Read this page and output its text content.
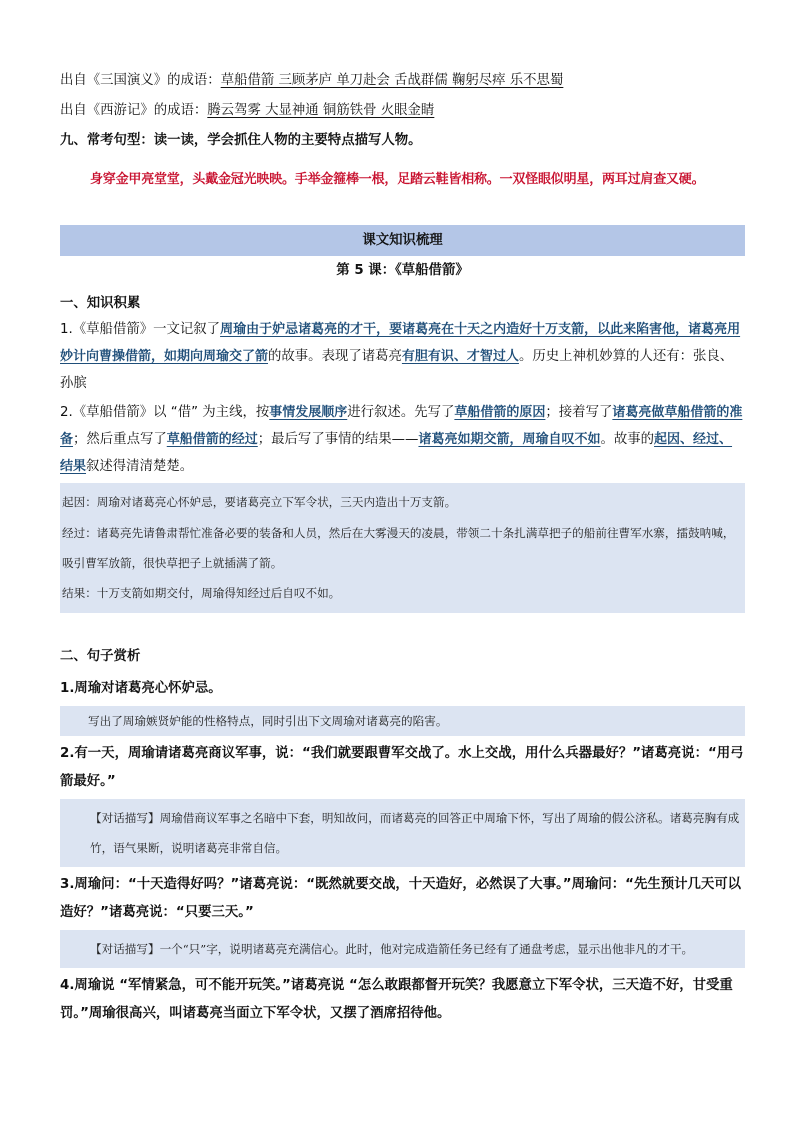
出自《三国演义》的成语：草船借箭 三顾茅庐 单刀赴会 舌战群儒 鞠躬尽瘁 乐不思蜀
出自《西游记》的成语：腾云驾雾 大显神通 铜筋铁骨 火眼金睛
九、常考句型：读一读，学会抓住人物的主要特点描写人物。
身穿金甲亮堂堂，头戴金冠光映映。手举金箍棒一根，足踏云鞋皆相称。一双怪眼似明星，两耳过肩查又硬。
课文知识梳理
第 5 课：《草船借箭》
一、知识积累
1.《草船借箭》一文记叙了周瑜由于妒忌诸葛亮的才干，要诸葛亮在十天之内造好十万支箭，以此来陷害他，诸葛亮用妙计向曹操借箭，如期向周瑜交了箭的故事。表现了诸葛亮有胆有识、才智过人。历史上神机妙算的人还有：张良、孙膑
2.《草船借箭》以 “借” 为主线，按事情发展顺序进行叙述。先写了草船借箭的原因；接着写了诸葛亮做草船借箭的准备；然后重点写了草船借箭的经过；最后写了事情的结果——诸葛亮如期交箭，周瑜自叹不如。故事的起因、经过、结果叙述得清清楚楚。
起因：周瑜对诸葛亮心怀妒忌，要诸葛亮立下军令状，三天内造出十万支箭。
经过：诸葛亮先请鲁肃帮忙准备必要的装备和人员，然后在大雾漫天的凌晨，带领二十条扎满草把子的船前往曹军水寨，擂鼓呐喊，吸引曹军放箭，很快草把子上就插满了箭。
结果：十万支箭如期交付，周瑜得知经过后自叹不如。
二、句子赏析
1.周瑜对诸葛亮心怀妒忌。
写出了周瑜嫉贤妒能的性格特点，同时引出下文周瑜对诸葛亮的陷害。
2.有一天，周瑜请诸葛亮商议军事，说：“我们就要跟曹军交战了。水上交战，用什么兵器最好？”诸葛亮说：“用弓箭最好。”
【对话描写】周瑜借商议军事之名暗中下套，明知故问，而诸葛亮的回答正中周瑜下怀，写出了周瑜的假公济私。诸葛亮胸有成竹，语气果断，说明诸葛亮非常自信。
3.周瑜问：“十天造得好吗？”诸葛亮说：“既然就要交战，十天造好，必然误了大事。”周瑜问：“先生预计几天可以造好？”诸葛亮说：“只要三天。”
【对话描写】一个“只”字，说明诸葛亮充满信心。此时，他对完成造箭任务已经有了通盘考虑，显示出他非凡的才干。
4.周瑜说 “军情紧急，可不能开玩笑。”诸葛亮说 “怎么敢跟都督开玩笑？我愿意立下军令状，三天造不好，甘受重罚。”周瑜很高兴，叫诸葛亮当面立下军令状，又摆了酒席招待他。
